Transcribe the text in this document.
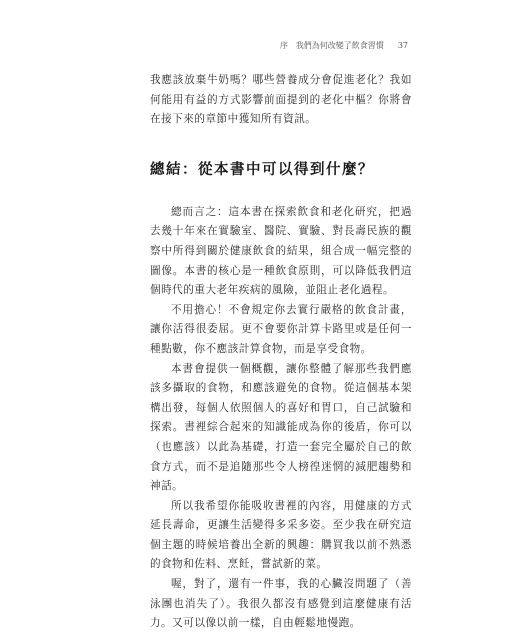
序　我們為何改變了飲食習慣 37

我應該放棄牛奶嗎？哪些營養成分會促進老化？我如何能用有益的方式影響前面提到的老化中樞？你將會在接下來的章節中獲知所有資訊。

總結：從本書中可以得到什麼？

總而言之：這本書在探索飲食和老化研究，把過去幾十年來在實驗室、醫院、實驗、對長壽民族的觀察中所得到關於健康飲食的結果，組合成一幅完整的圖像。本書的核心是一種飲食原則，可以降低我們這個時代的重大老年疾病的風險，並阻止老化過程。

不用擔心！不會規定你去實行嚴格的飲食計畫，讓你活得很委屈。更不會要你計算卡路里或是任何一種點數，你不應該計算食物，而是享受食物。

本書會提供一個概觀，讓你整體了解那些我們應該多攝取的食物，和應該避免的食物。從這個基本架構出發，每個人依照個人的喜好和胃口，自己試驗和探索。書裡綜合起來的知識能成為你的後盾，你可以（也應該）以此為基礎，打造一套完全屬於自己的飲食方式，而不是追隨那些令人榜徨迷惘的減肥趨勢和神話。

所以我希望你能吸收書裡的內容，用健康的方式延長壽命，更讓生活變得多采多姿。至少我在研究這個主題的時候培養出全新的興趣：購買我以前不熟悉的食物和佐料、烹飪，嘗試新的菜。

喔，對了，還有一件事，我的心臟沒問題了（善泳團也消失了）。我很久都沒有感覺到這麼健康有活力。又可以像以前一樣，自由輕鬆地慢跑。
